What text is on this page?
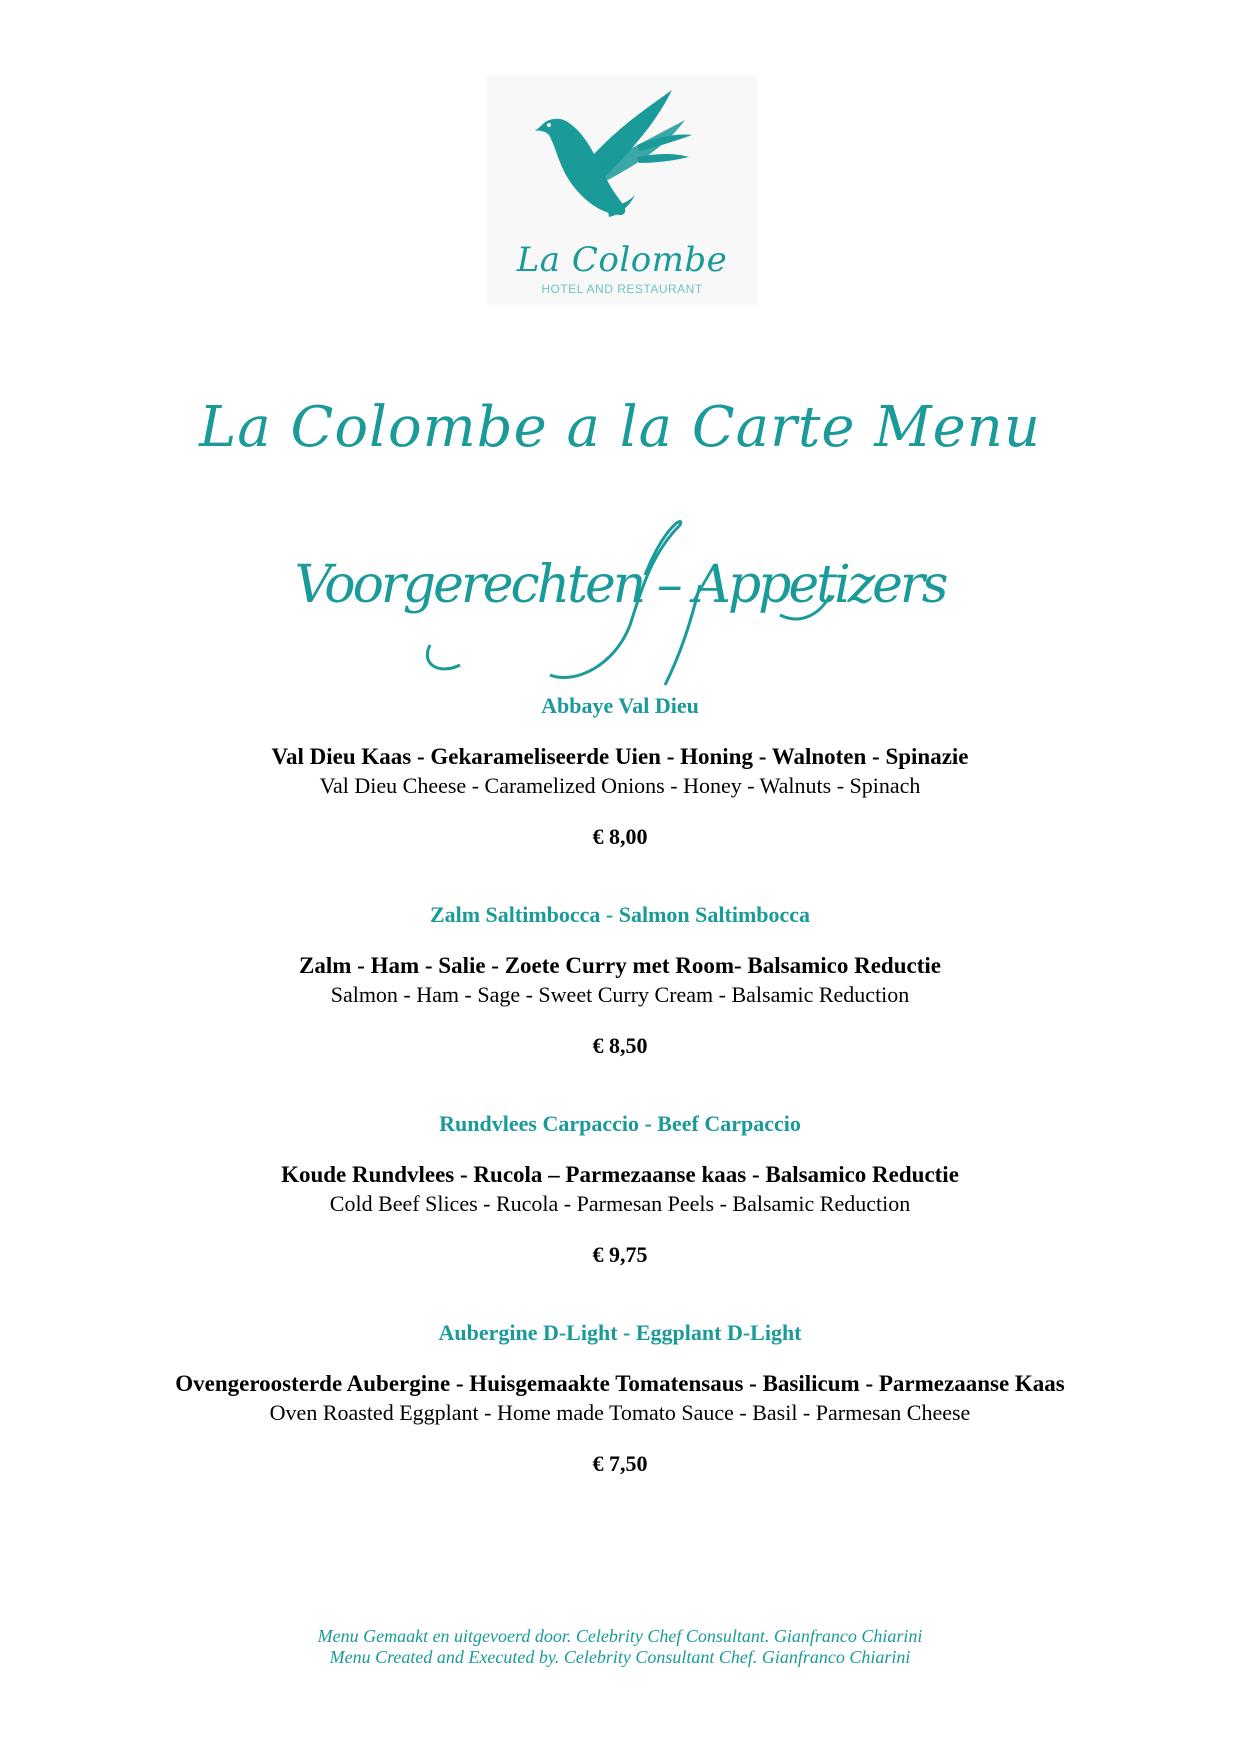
La Colombe
HOTEL AND RESTAURANT
La Colombe a la Carte Menu
Voorgerechten – Appetizers
Abbaye Val Dieu
Val Dieu Kaas - Gekarameliseerde Uien - Honing - Walnoten - Spinazie
Val Dieu Cheese - Caramelized Onions - Honey - Walnuts - Spinach
€ 8,00
Zalm Saltimbocca - Salmon Saltimbocca
Zalm - Ham - Salie - Zoete Curry met Room- Balsamico Reductie
Salmon - Ham - Sage - Sweet Curry Cream - Balsamic Reduction
€ 8,50
Rundvlees Carpaccio - Beef Carpaccio
Koude Rundvlees - Rucola – Parmezaanse kaas - Balsamico Reductie
Cold Beef Slices - Rucola - Parmesan Peels - Balsamic Reduction
€ 9,75
Aubergine D-Light - Eggplant D-Light
Ovengeroosterde Aubergine - Huisgemaakte Tomatensaus - Basilicum - Parmezaanse Kaas
Oven Roasted Eggplant - Home made Tomato Sauce - Basil - Parmesan Cheese
€ 7,50
Menu Gemaakt en uitgevoerd door. Celebrity Chef Consultant. Gianfranco Chiarini
Menu Created and Executed by. Celebrity Consultant Chef. Gianfranco Chiarini
